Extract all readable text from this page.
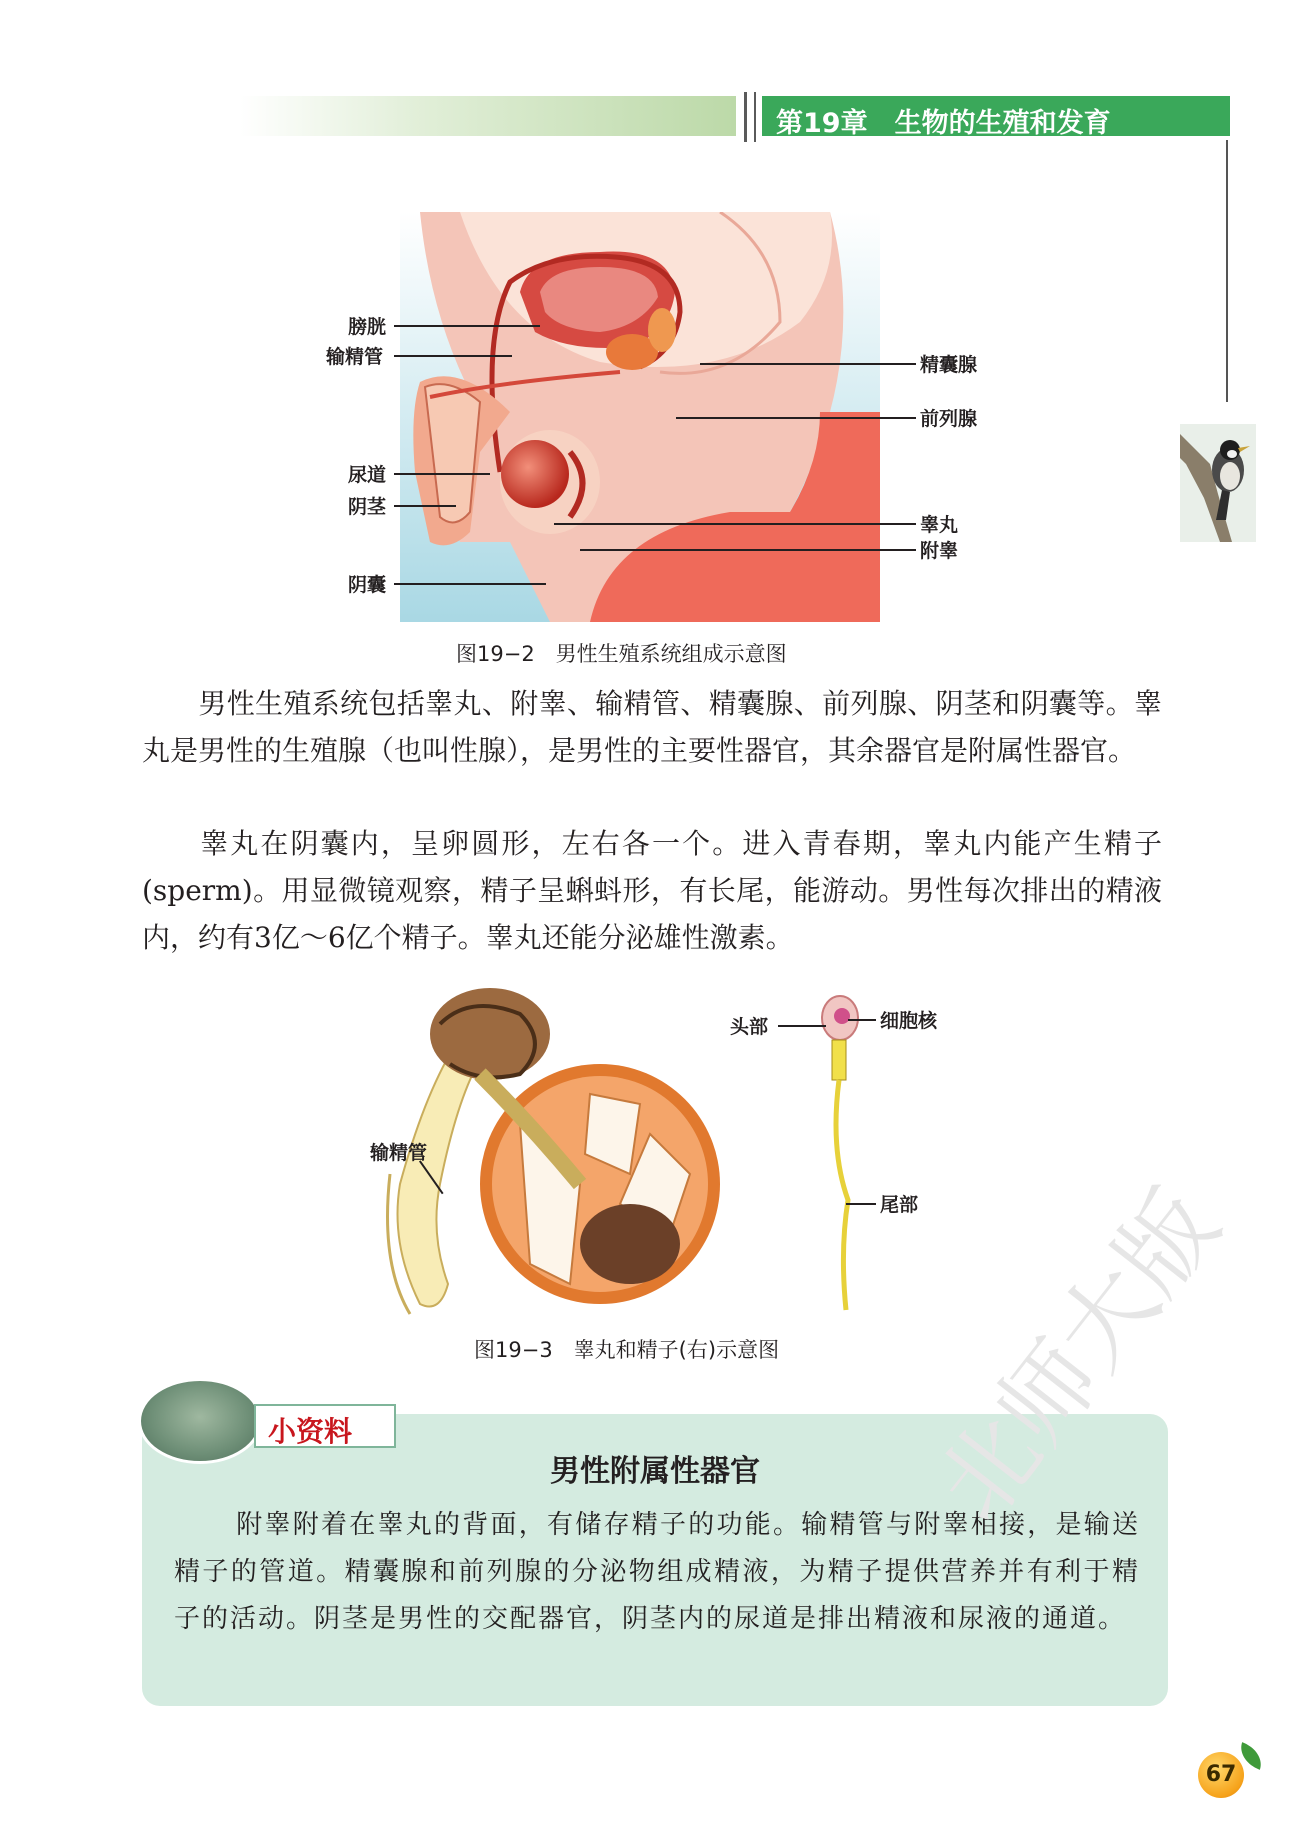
第19章　生物的生殖和发育
膀胱
输精管
尿道
阴茎
阴囊
精囊腺
前列腺
睾丸
附睾
图19−2　男性生殖系统组成示意图
男性生殖系统包括睾丸、附睾、输精管、精囊腺、前列腺、阴茎和阴囊等。睾丸是男性的生殖腺（也叫性腺），是男性的主要性器官，其余器官是附属性器官。
睾丸在阴囊内，呈卵圆形，左右各一个。进入青春期，睾丸内能产生精子(sperm)。用显微镜观察，精子呈蝌蚪形，有长尾，能游动。男性每次排出的精液内，约有3亿～6亿个精子。睾丸还能分泌雄性激素。
输精管
头部	细胞核
尾部
图19−3　睾丸和精子(右)示意图
小资料
男性附属性器官
附睾附着在睾丸的背面，有储存精子的功能。输精管与附睾相接，是输送精子的管道。精囊腺和前列腺的分泌物组成精液，为精子提供营养并有利于精子的活动。阴茎是男性的交配器官，阴茎内的尿道是排出精液和尿液的通道。
北师大版
67
